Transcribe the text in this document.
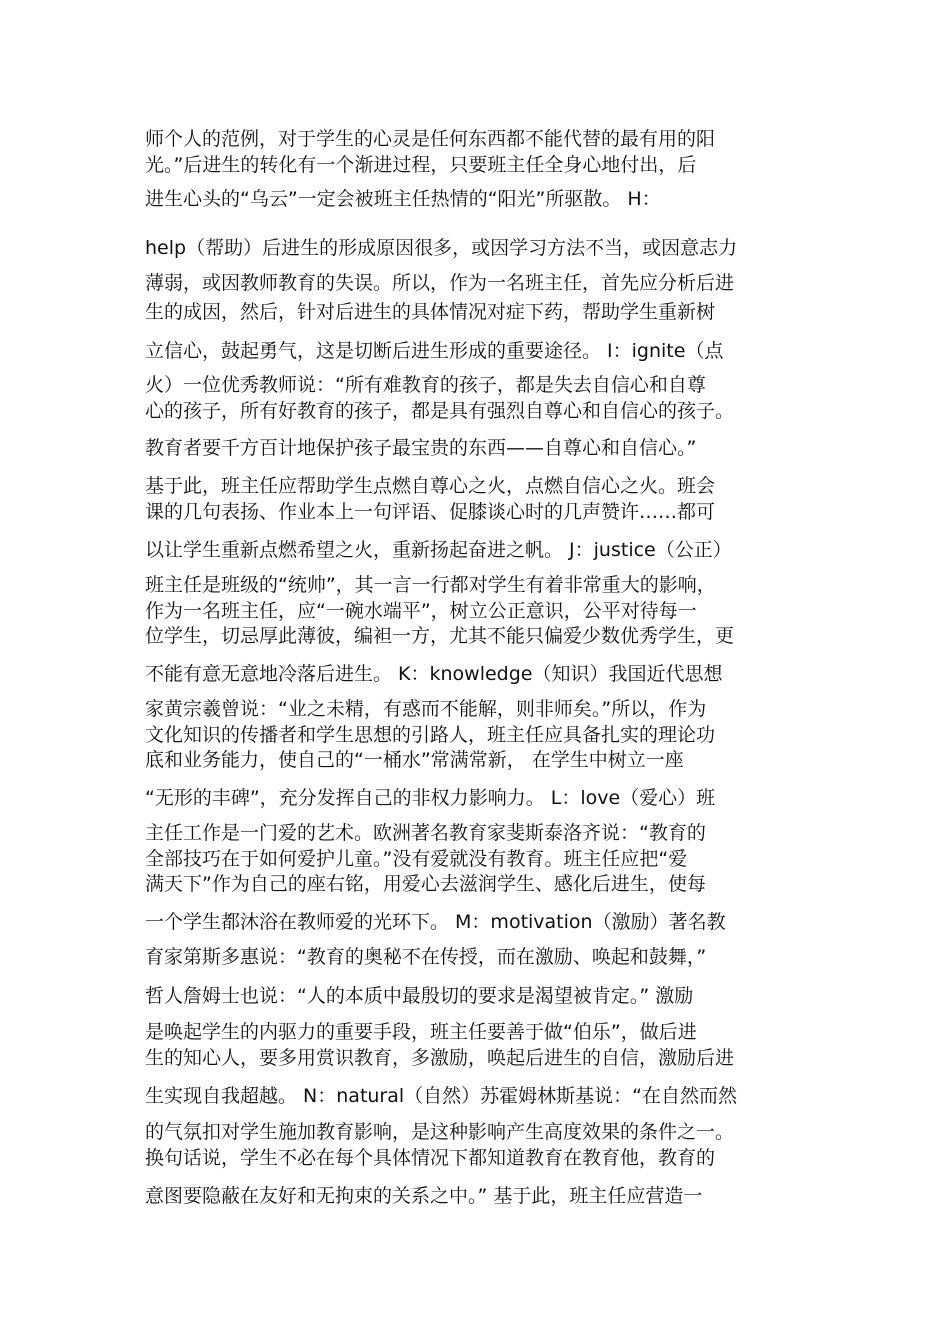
师个人的范例，对于学生的心灵是任何东西都不能代替的最有用的阳
光。”后进生的转化有一个渐进过程，只要班主任全身心地付出，后
进生心头的“乌云”一定会被班主任热情的“阳光”所驱散。 H：
help（帮助）后进生的形成原因很多，或因学习方法不当，或因意志力
薄弱，或因教师教育的失误。所以，作为一名班主任，首先应分析后进
生的成因，然后，针对后进生的具体情况对症下药，帮助学生重新树
立信心，鼓起勇气，这是切断后进生形成的重要途径。 I：ignite（点
火）一位优秀教师说：“所有难教育的孩子，都是失去自信心和自尊
心的孩子，所有好教育的孩子，都是具有强烈自尊心和自信心的孩子。
教育者要千方百计地保护孩子最宝贵的东西——自尊心和自信心。”
基于此，班主任应帮助学生点燃自尊心之火，点燃自信心之火。班会
课的几句表扬、作业本上一句评语、促膝谈心时的几声赞许……都可
以让学生重新点燃希望之火，重新扬起奋进之帆。 J：justice（公正）
班主任是班级的“统帅”，其一言一行都对学生有着非常重大的影响，
作为一名班主任，应“一碗水端平”，树立公正意识，公平对待每一
位学生，切忌厚此薄彼，编袒一方，尤其不能只偏爱少数优秀学生，更
不能有意无意地冷落后进生。 K：knowledge（知识）我国近代思想
家黄宗羲曾说：“业之未精，有惑而不能解，则非师矣。”所以，作为
文化知识的传播者和学生思想的引路人，班主任应具备扎实的理论功
底和业务能力，使自己的“一桶水”常满常新， 在学生中树立一座
“无形的丰碑”，充分发挥自己的非权力影响力。 L：love（爱心）班
主任工作是一门爱的艺术。欧洲著名教育家斐斯泰洛齐说：“教育的
全部技巧在于如何爱护儿童。”没有爱就没有教育。班主任应把“爱
满天下”作为自己的座右铭，用爱心去滋润学生、感化后进生，使每
一个学生都沐浴在教师爱的光环下。 M：motivation（激励）著名教
育家第斯多惠说：“教育的奥秘不在传授，而在激励、唤起和鼓舞，”
哲人詹姆士也说：“人的本质中最殷切的要求是渴望被肯定。” 激励
是唤起学生的内驱力的重要手段，班主任要善于做“伯乐”，做后进
生的知心人，要多用赏识教育，多激励，唤起后进生的自信，激励后进
生实现自我超越。 N：natural（自然）苏霍姆林斯基说：“在自然而然
的气氛扣对学生施加教育影响，是这种影响产生高度效果的条件之一。
换句话说，学生不必在每个具体情况下都知道教育在教育他，教育的
意图要隐蔽在友好和无拘束的关系之中。” 基于此，班主任应营造一
